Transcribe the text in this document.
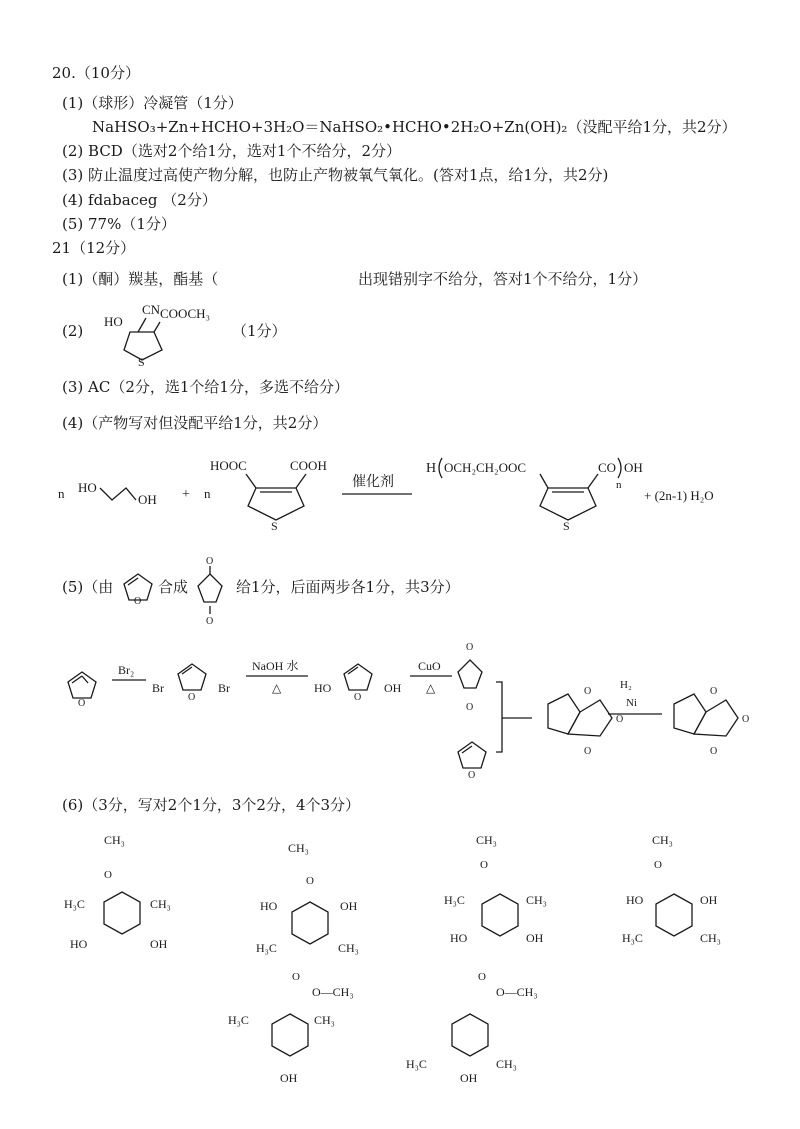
20.（10分）
(1)（球形）冷凝管（1分）
NaHSO₃+Zn+HCHO+3H₂O＝NaHSO₂•HCHO•2H₂O+Zn(OH)₂（没配平给1分，共2分）
(2) BCD（选对2个给1分，选对1个不给分，2分）
(3) 防止温度过高使产物分解，也防止产物被氧气氧化。(答对1点，给1分，共2分)
(4) fdabaceg （2分）
(5) 77%（1分）
21（12分）
(1)（酮）羰基，酯基（	出现错别字不给分，答对1个不给分，1分）
(2)
HO
CN COOCH₃
S
（1分）
(3) AC（2分，选1个给1分，多选不给分）
(4)（产物写对但没配平给1分，共2分）
n HO
OH + n
HOOC	COOH
S
催化剂
H OCH₂CH₂OOC
S
CO
n
OH
+ (2n-1) H₂O
(5)（由
O
合成
O
O
给1分，后面两步各1分，共3分）
O
Br₂
Br
O
Br
NaOH 水
△	HO
O
OH
CuO
△
O
O
O
O
O
O
H₂
Ni
O
O
O
(6)（3分，写对2个1分，3个2分，4个3分）
CH₃
O
H₃C	CH₃
HO	OH
CH₃
O
HO	OH
H₃C	CH₃
CH₃
O
H₃C	CH₃
HO	OH
CH₃
O
HO	OH
H₃C	CH₃
O
O—CH₃
H₃C	CH₃
OH
O
O—CH₃
H₃C	CH₃
OH
